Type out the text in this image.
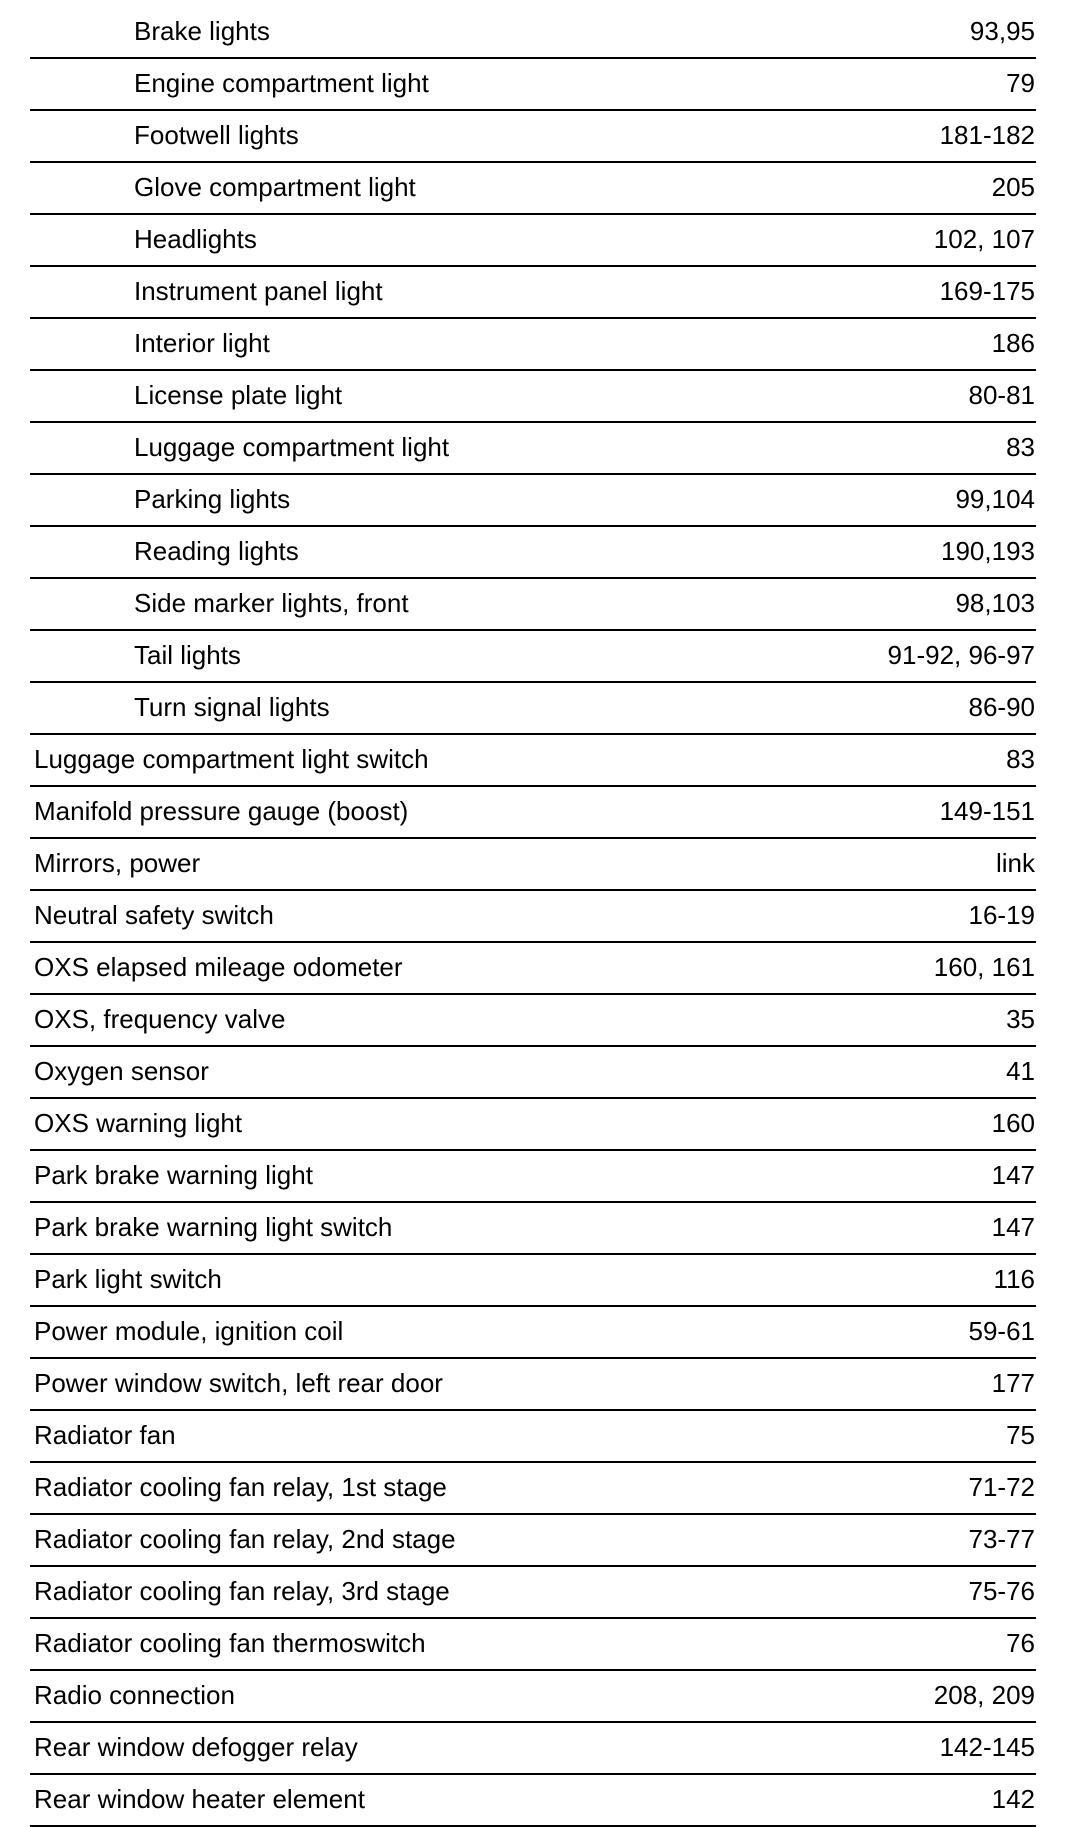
Brake lights	93,95
Engine compartment light	79
Footwell lights	181-182
Glove compartment light	205
Headlights	102, 107
Instrument panel light	169-175
Interior light	186
License plate light	80-81
Luggage compartment light	83
Parking lights	99,104
Reading lights	190,193
Side marker lights, front	98,103
Tail lights	91-92, 96-97
Turn signal lights	86-90
Luggage compartment light switch	83
Manifold pressure gauge (boost)	149-151
Mirrors, power	link
Neutral safety switch	16-19
OXS elapsed mileage odometer	160, 161
OXS, frequency valve	35
Oxygen sensor	41
OXS warning light	160
Park brake warning light	147
Park brake warning light switch	147
Park light switch	116
Power module, ignition coil	59-61
Power window switch, left rear door	177
Radiator fan	75
Radiator cooling fan relay, 1st stage	71-72
Radiator cooling fan relay, 2nd stage	73-77
Radiator cooling fan relay, 3rd stage	75-76
Radiator cooling fan thermoswitch	76
Radio connection	208, 209
Rear window defogger relay	142-145
Rear window heater element	142
